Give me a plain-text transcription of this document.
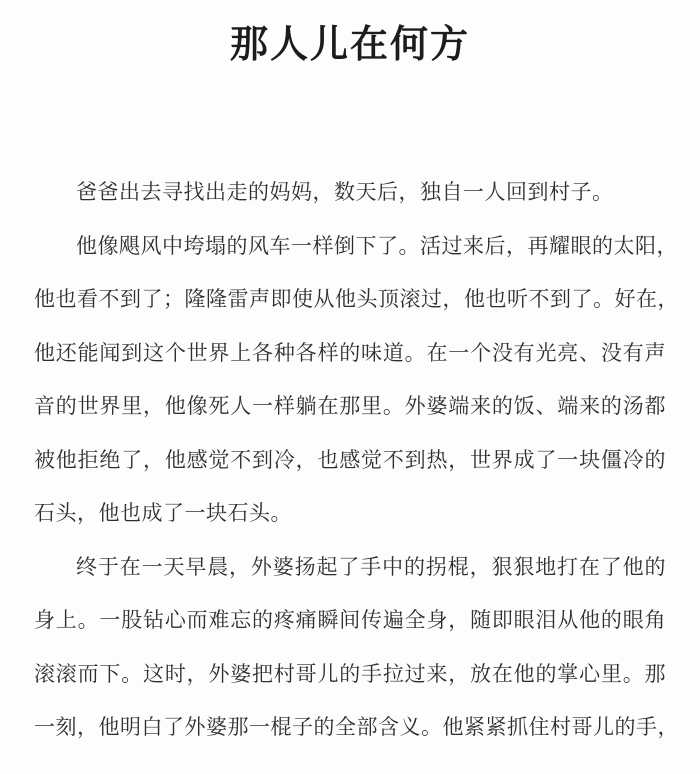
那人儿在何方
爸爸出去寻找出走的妈妈，数天后，独自一人回到村子。
他像飓风中垮塌的风车一样倒下了。活过来后，再耀眼的太阳，
他也看不到了；隆隆雷声即使从他头顶滚过，他也听不到了。好在，
他还能闻到这个世界上各种各样的味道。在一个没有光亮、没有声
音的世界里，他像死人一样躺在那里。外婆端来的饭、端来的汤都
被他拒绝了，他感觉不到冷，也感觉不到热，世界成了一块僵冷的
石头，他也成了一块石头。
终于在一天早晨，外婆扬起了手中的拐棍，狠狠地打在了他的
身上。一股钻心而难忘的疼痛瞬间传遍全身，随即眼泪从他的眼角
滚滚而下。这时，外婆把村哥儿的手拉过来，放在他的掌心里。那
一刻，他明白了外婆那一棍子的全部含义。他紧紧抓住村哥儿的手，
